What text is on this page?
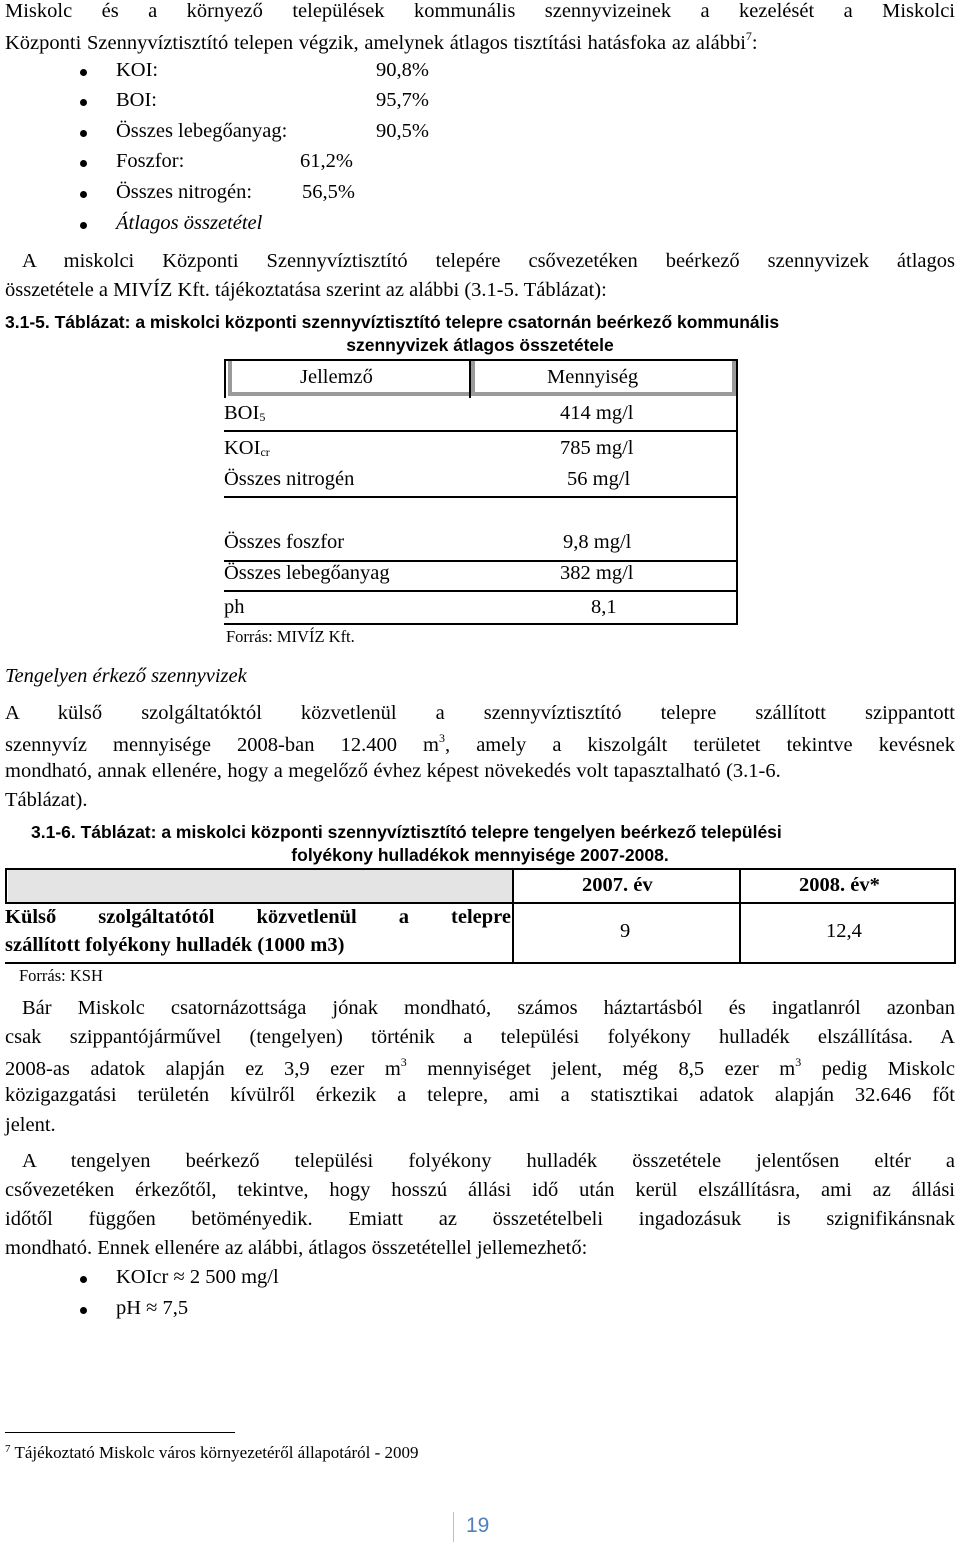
Miskolc és a környező települések kommunális szennyvizeinek a kezelését a Miskolci
Központi Szennyvíztisztító telepen végzik, amelynek átlagos tisztítási hatásfoka az alábbi$^7$:
KOI:	90,8%
BOI:	95,7%
Összes lebegőanyag:	90,5%
Foszfor:	61,2%
Összes nitrogén: 56,5%
Átlagos összetétel
A miskolci Központi Szennyvíztisztító telepére csővezetéken beérkező szennyvizek átlagos
összetétele a MIVÍZ Kft. tájékoztatása szerint az alábbi (3.1-5. Táblázat):
3.1-5. Táblázat: a miskolci központi szennyvíztisztító telepre csatornán beérkező kommunális
szennyvizek átlagos összetétele
Jellemző	Mennyiség
$BOI_5$	414 mg/l
$KOI_{cr}$	785 mg/l
Összes nitrogén	56 mg/l
Összes foszfor	9,8 mg/l
Összes lebegőanyag	382 mg/l
ph	8,1
Forrás: MIVÍZ Kft.
Tengelyen érkező szennyvizek
A külső szolgáltatóktól közvetlenül a szennyvíztisztító telepre szállított szippantott
szennyvíz mennyisége 2008-ban 12.400 $m^3$, amely a kiszolgált területet tekintve kevésnek
mondható, annak ellenére, hogy a megelőző évhez képest növekedés volt tapasztalható (3.1-6.
Táblázat).
3.1-6. Táblázat: a miskolci központi szennyvíztisztító telepre tengelyen beérkező települési
folyékony hulladékok mennyisége 2007-2008.
2007. év	2008. év*
Külső szolgáltatótól közvetlenül a telepre
szállított folyékony hulladék (1000 m3)
9	12,4
Forrás: KSH
Bár Miskolc csatornázottsága jónak mondható, számos háztartásból és ingatlanról azonban
csak szippantójárművel (tengelyen) történik a települési folyékony hulladék elszállítása. A
2008-as adatok alapján ez 3,9 ezer $m^3$ mennyiséget jelent, még 8,5 ezer $m^3$ pedig Miskolc
közigazgatási területén kívülről érkezik a telepre, ami a statisztikai adatok alapján 32.646 főt
jelent.
A tengelyen beérkező települési folyékony hulladék összetétele jelentősen eltér a
csővezetéken érkezőtől, tekintve, hogy hosszú állási idő után kerül elszállításra, ami az állási
időtől függően betöményedik. Emiatt az összetételbeli ingadozásuk is szignifikánsnak
mondható. Ennek ellenére az alábbi, átlagos összetétellel jellemezhető:
KOIcr ≈ 2 500 mg/l
pH ≈ 7,5
$^7$ Tájékoztató Miskolc város környezetéről állapotáról - 2009
19
